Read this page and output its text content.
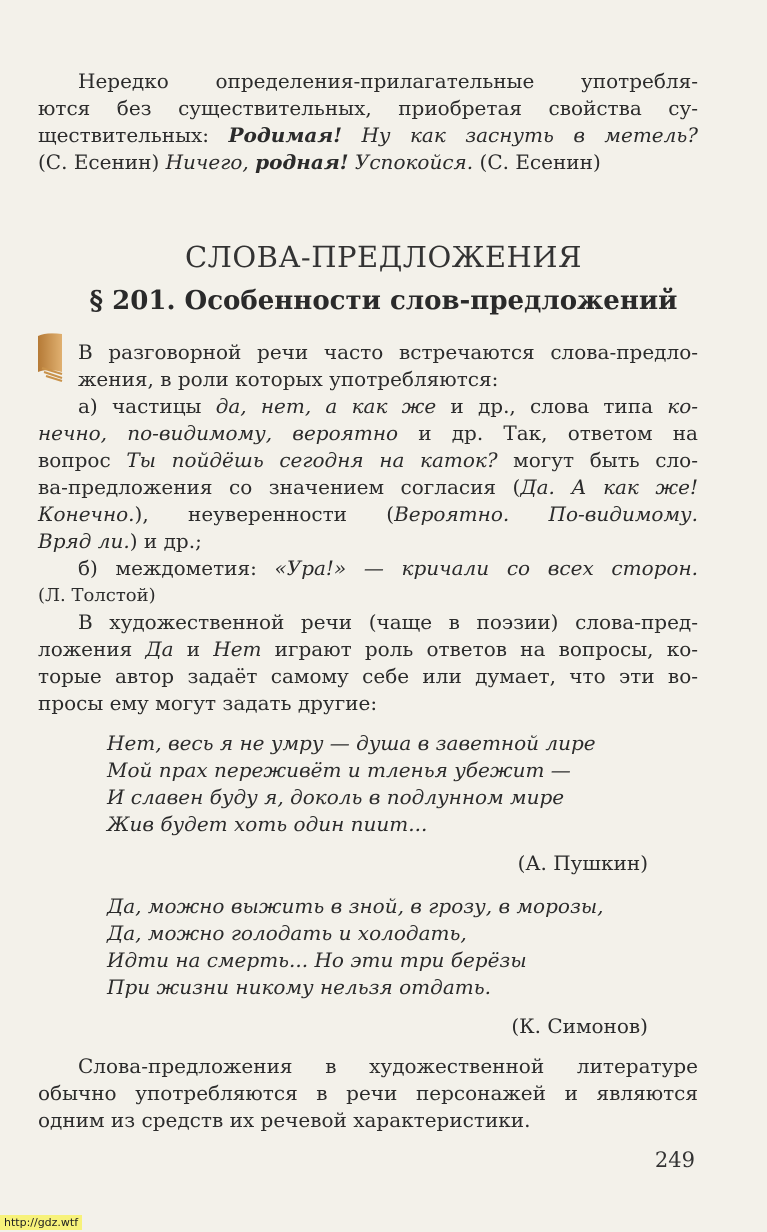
Нередко определения-прилагательные употребля-
ются без существительных, приобретая свойства су-
ществительных: Родимая! Ну как заснуть в метель?
(С. Есенин) Ничего, родная! Успокойся. (С. Есенин)
СЛОВА-ПРЕДЛОЖЕНИЯ
§ 201. Особенности слов-предложений
В разговорной речи часто встречаются слова-предло-
жения, в роли которых употребляются:
а) частицы да, нет, а как же и др., слова типа ко-
нечно, по-видимому, вероятно и др. Так, ответом на
вопрос Ты пойдёшь сегодня на каток? могут быть сло-
ва-предложения со значением согласия (Да. А как же!
Конечно.), неуверенности (Вероятно. По-видимому.
Вряд ли.) и др.;
б) междометия: «Ура!» — кричали со всех сторон.
(Л. Толстой)
В художественной речи (чаще в поэзии) слова-пред-
ложения Да и Нет играют роль ответов на вопросы, ко-
торые автор задаёт самому себе или думает, что эти во-
просы ему могут задать другие:
Нет, весь я не умру — душа в заветной лире
Мой прах переживёт и тленья убежит —
И славен буду я, доколь в подлунном мире
Жив будет хоть один пиит...
(А. Пушкин)
Да, можно выжить в зной, в грозу, в морозы,
Да, можно голодать и холодать,
Идти на смерть... Но эти три берёзы
При жизни никому нельзя отдать.
(К. Симонов)
Слова-предложения в художественной литературе
обычно употребляются в речи персонажей и являются
одним из средств их речевой характеристики.
249
http://gdz.wtf
